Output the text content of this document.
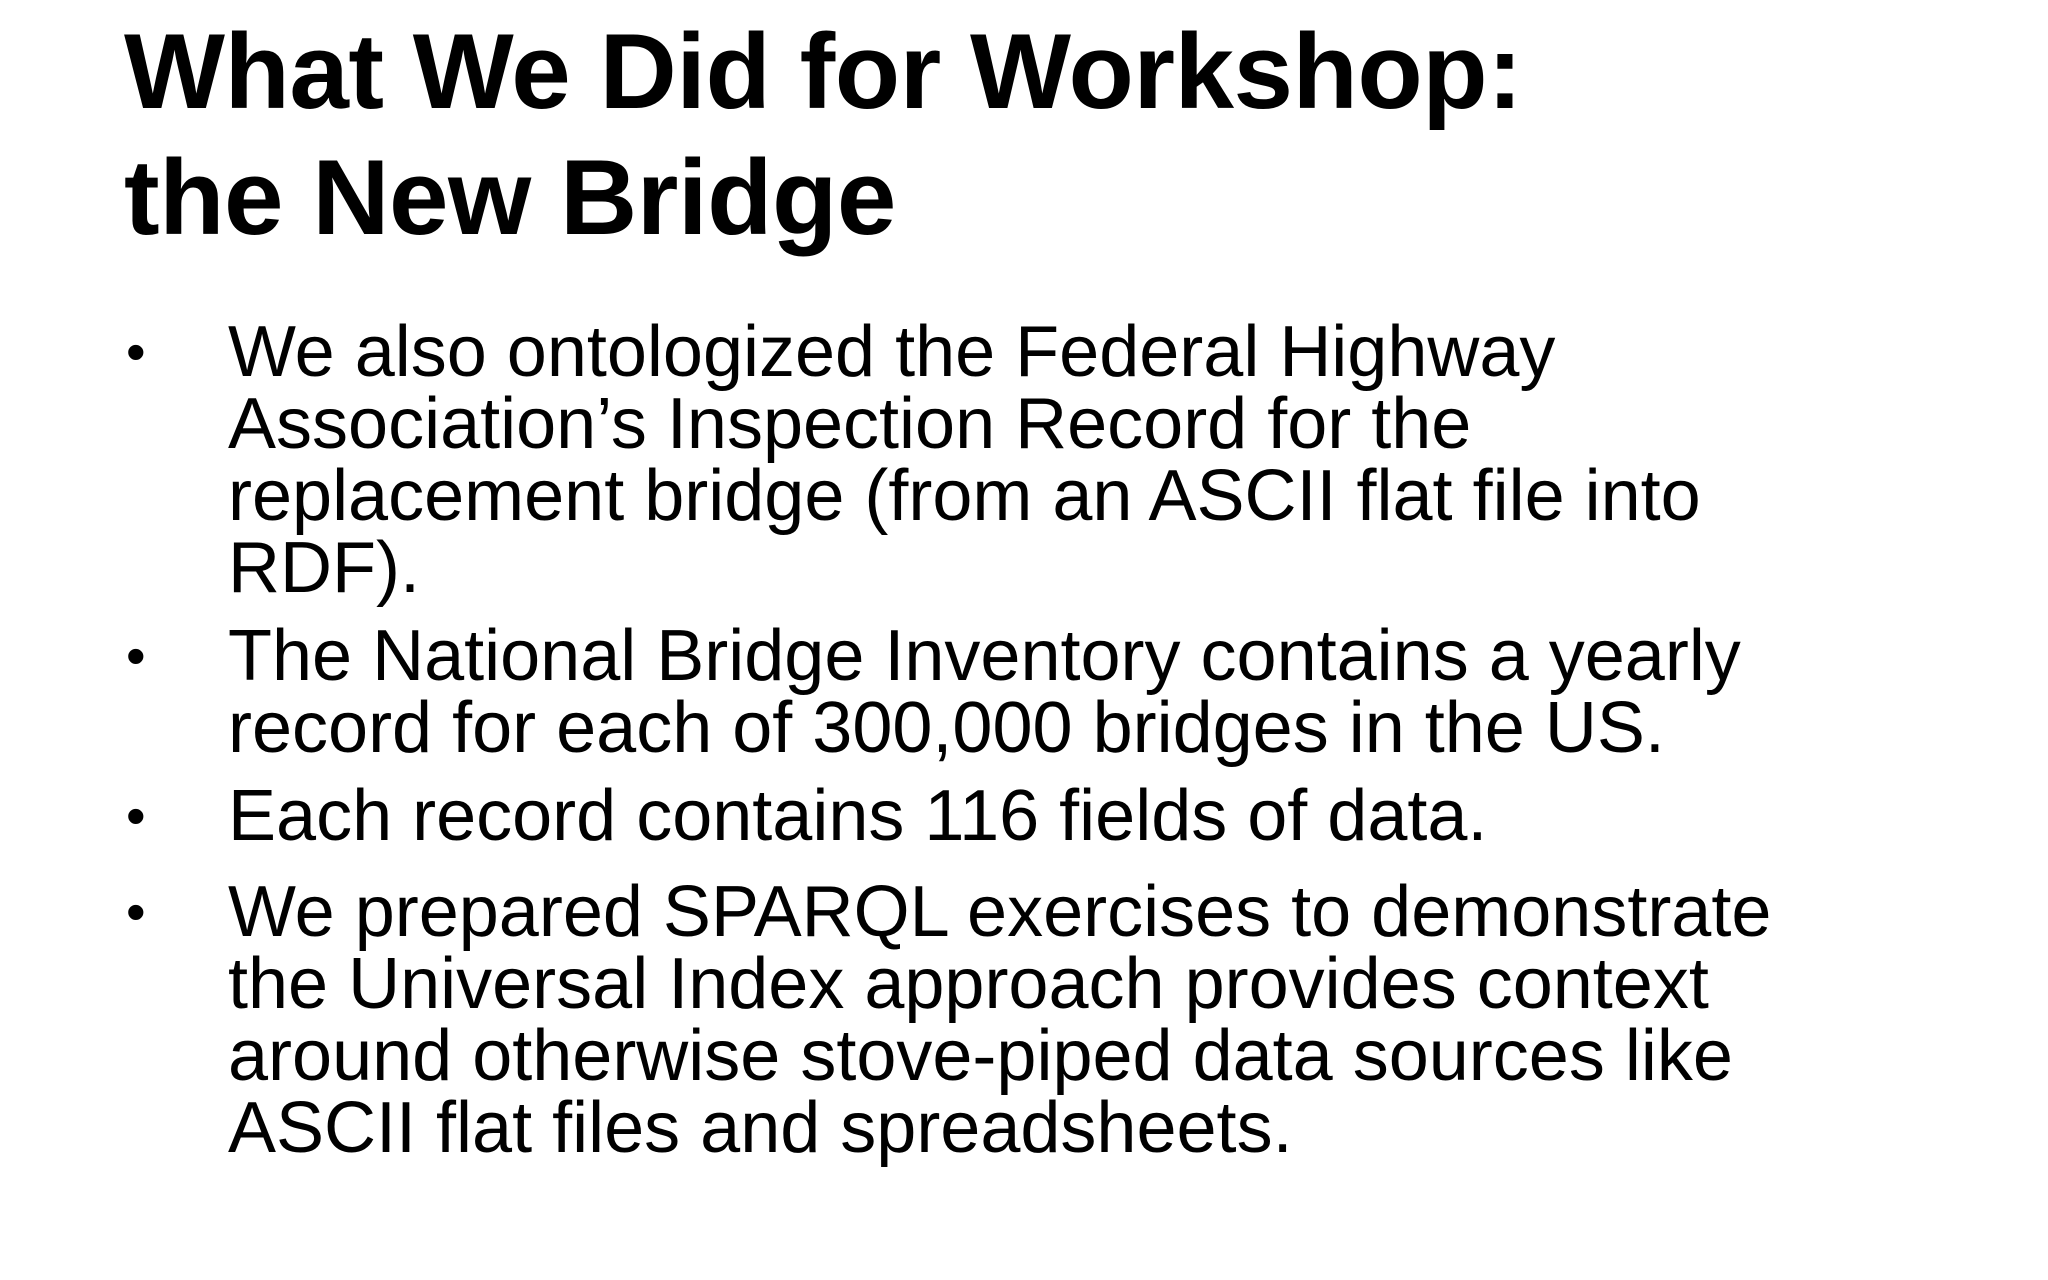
What We Did for Workshop:
the New Bridge
• We also ontologized the Federal Highway
Association’s Inspection Record for the
replacement bridge (from an ASCII flat file into
RDF).
• The National Bridge Inventory contains a yearly
record for each of 300,000 bridges in the US.
• Each record contains 116 fields of data.
• We prepared SPARQL exercises to demonstrate
the Universal Index approach provides context
around otherwise stove-piped data sources like
ASCII flat files and spreadsheets.
